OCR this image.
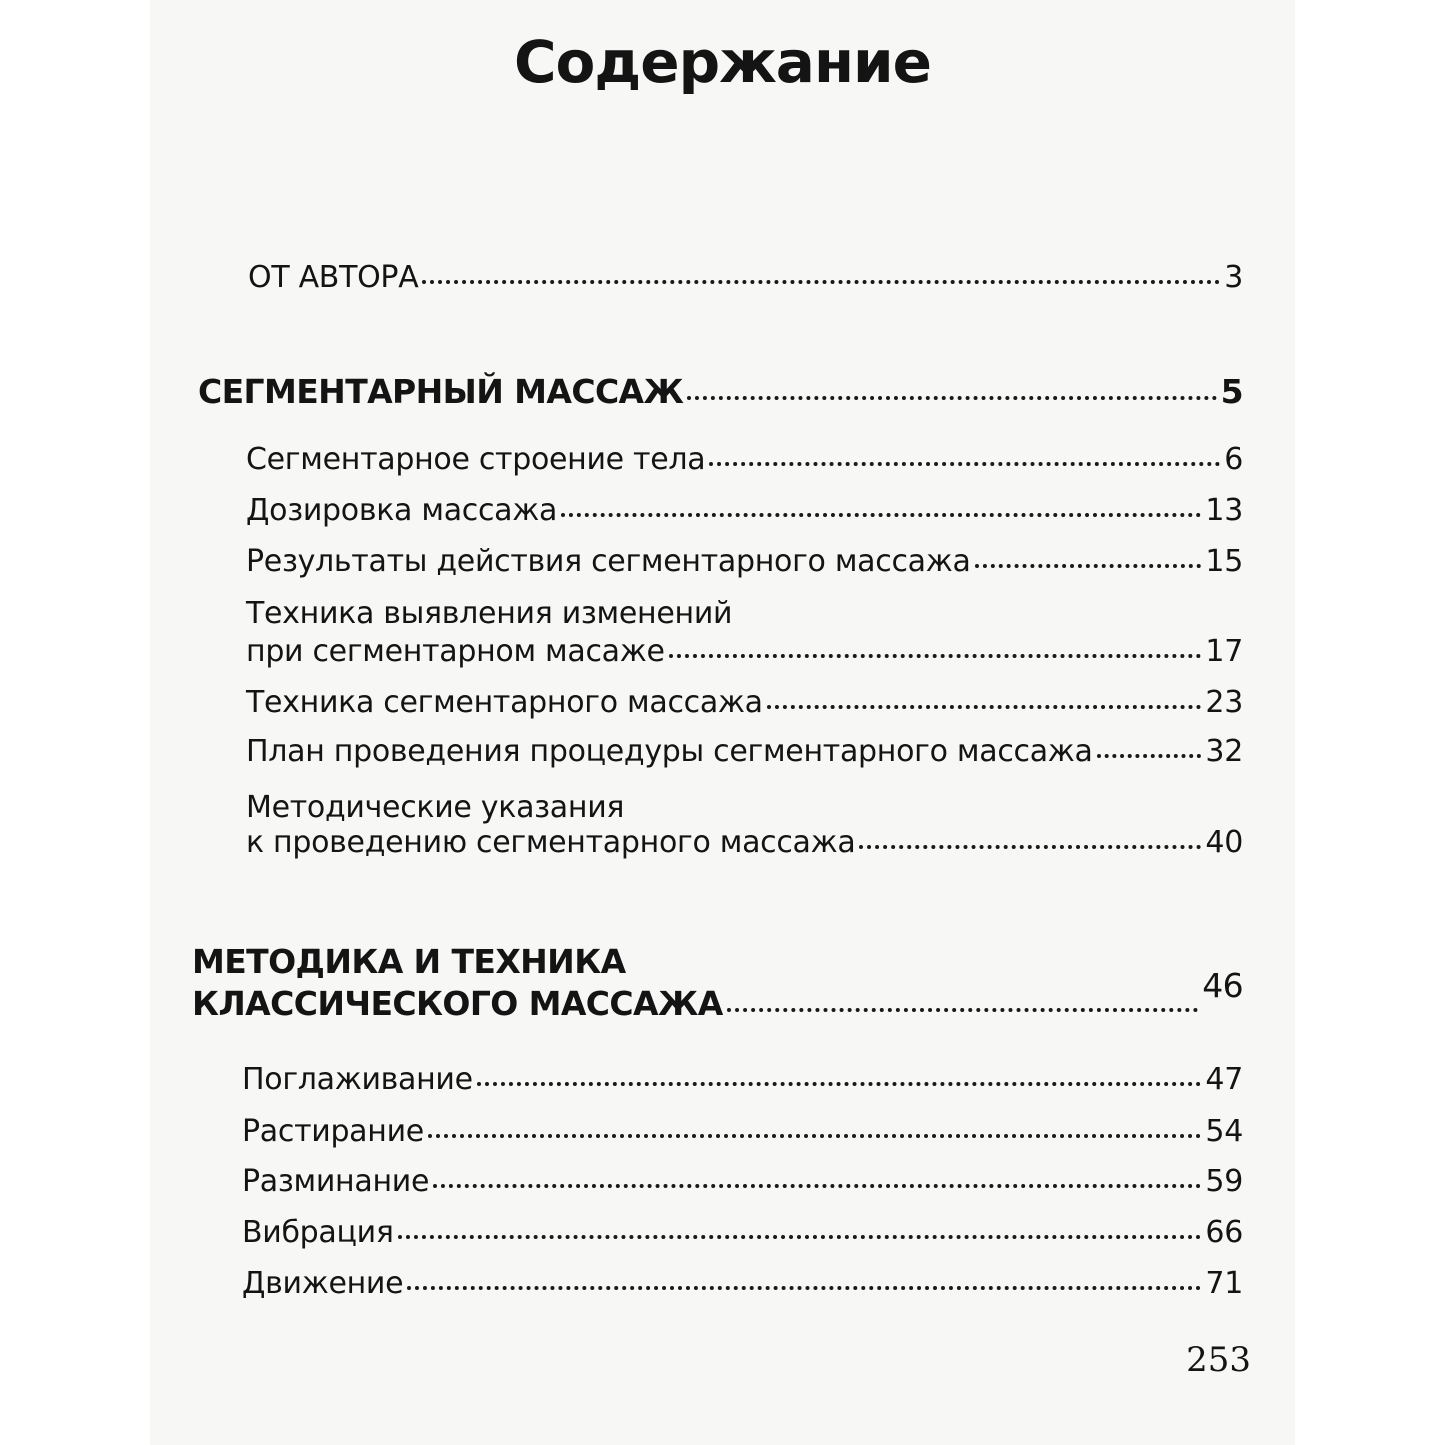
Содержание
ОТ АВТОРА	3
СЕГМЕНТАРНЫЙ МАССАЖ	5
Сегментарное строение тела	6
Дозировка массажа	13
Результаты действия сегментарного массажа	15
Техника выявления изменений
при сегментарном масаже	17
Техника сегментарного массажа	23
План проведения процедуры сегментарного массажа	32
Методические указания
к проведению сегментарного массажа	40
МЕТОДИКА И ТЕХНИКА
КЛАССИЧЕСКОГО МАССАЖА	46
Поглаживание	47
Растирание	54
Разминание	59
Вибрация	66
Движение	71
253
